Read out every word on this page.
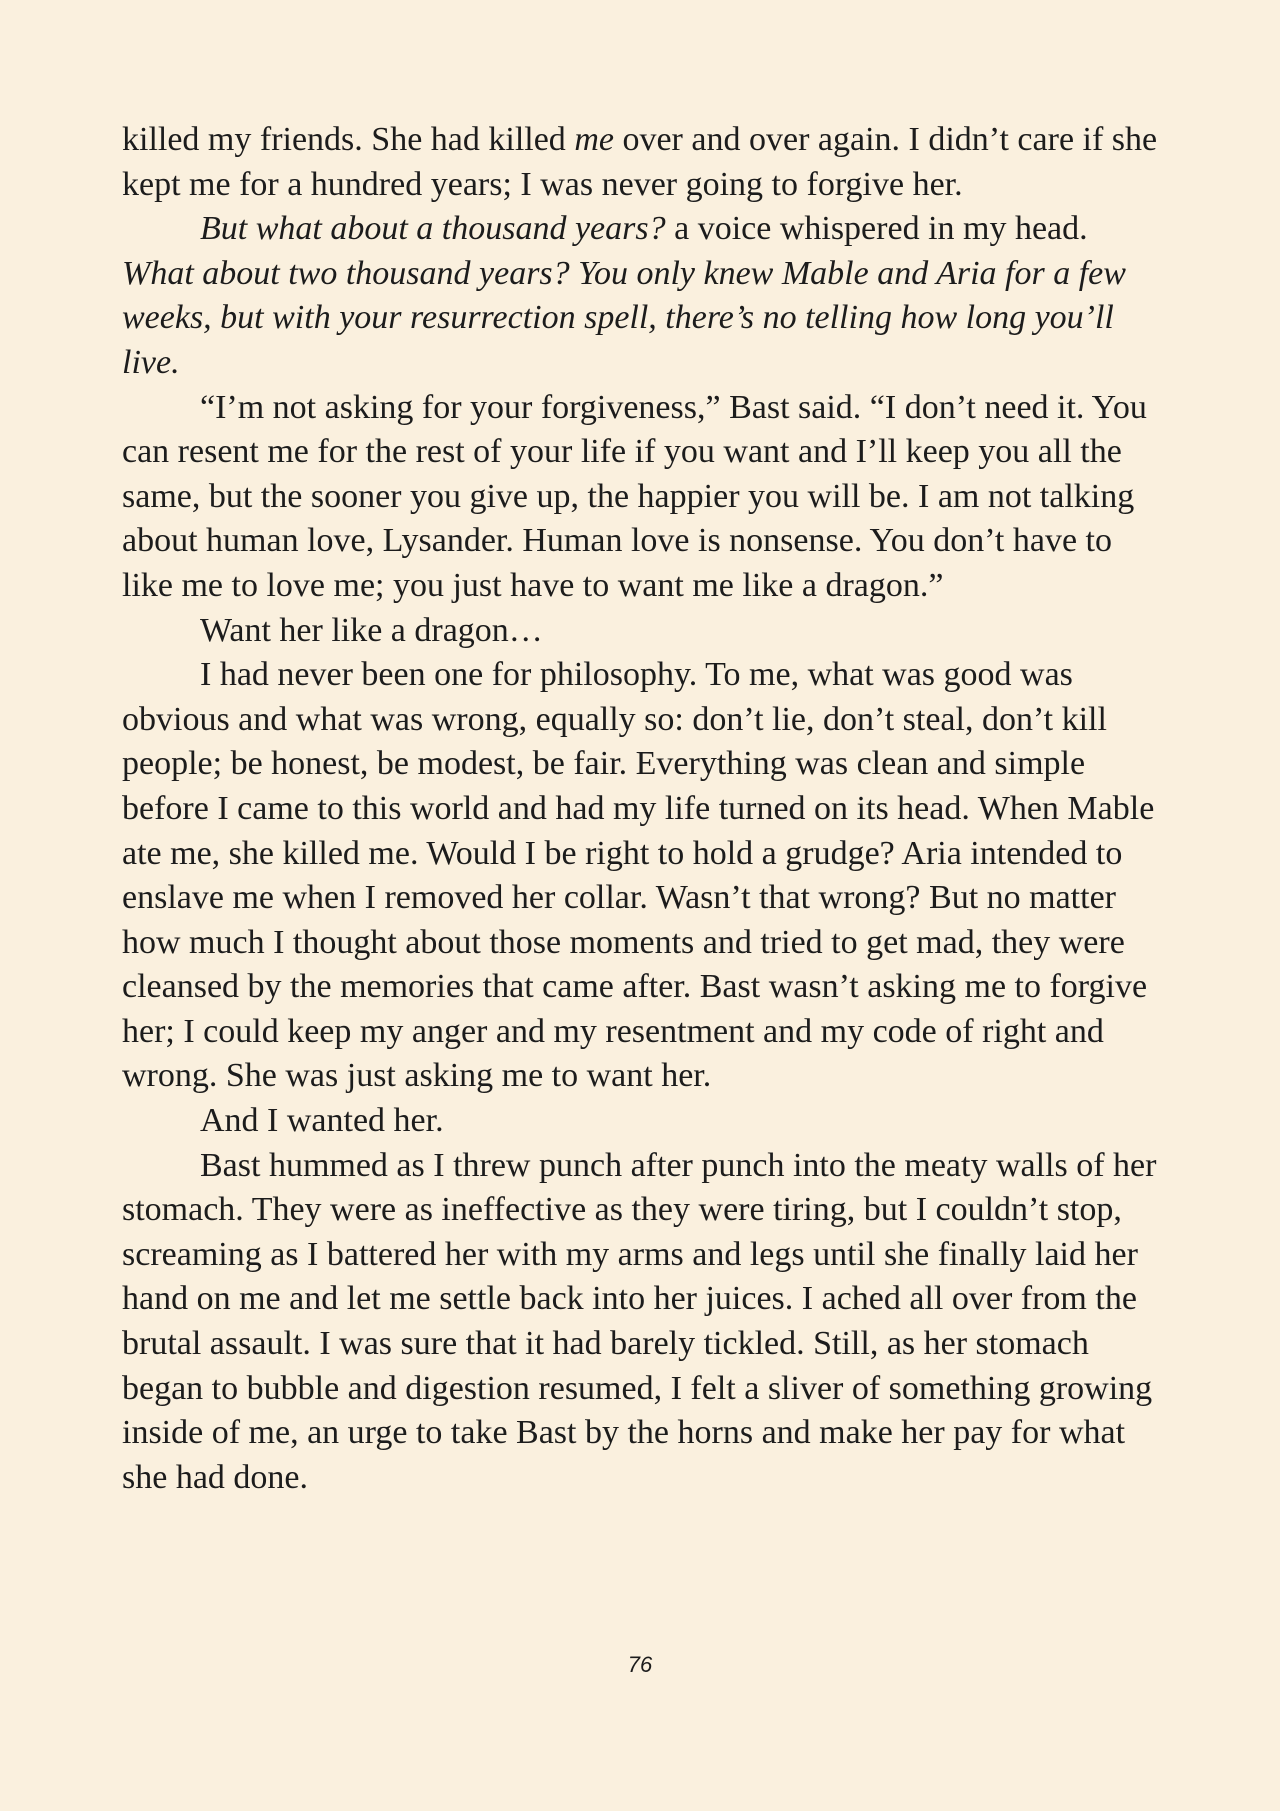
killed my friends. She had killed me over and over again. I didn’t care if she kept me for a hundred years; I was never going to forgive her.

But what about a thousand years? a voice whispered in my head. What about two thousand years? You only knew Mable and Aria for a few weeks, but with your resurrection spell, there’s no telling how long you’ll live.

“I’m not asking for your forgiveness,” Bast said. “I don’t need it. You can resent me for the rest of your life if you want and I’ll keep you all the same, but the sooner you give up, the happier you will be. I am not talking about human love, Lysander. Human love is nonsense. You don’t have to like me to love me; you just have to want me like a dragon.”

Want her like a dragon…

I had never been one for philosophy. To me, what was good was obvious and what was wrong, equally so: don’t lie, don’t steal, don’t kill people; be honest, be modest, be fair. Everything was clean and simple before I came to this world and had my life turned on its head. When Mable ate me, she killed me. Would I be right to hold a grudge? Aria intended to enslave me when I removed her collar. Wasn’t that wrong? But no matter how much I thought about those moments and tried to get mad, they were cleansed by the memories that came after. Bast wasn’t asking me to forgive her; I could keep my anger and my resentment and my code of right and wrong. She was just asking me to want her.

And I wanted her.

Bast hummed as I threw punch after punch into the meaty walls of her stomach. They were as ineffective as they were tiring, but I couldn’t stop, screaming as I battered her with my arms and legs until she finally laid her hand on me and let me settle back into her juices. I ached all over from the brutal assault. I was sure that it had barely tickled. Still, as her stomach began to bubble and digestion resumed, I felt a sliver of something growing inside of me, an urge to take Bast by the horns and make her pay for what she had done.

76
